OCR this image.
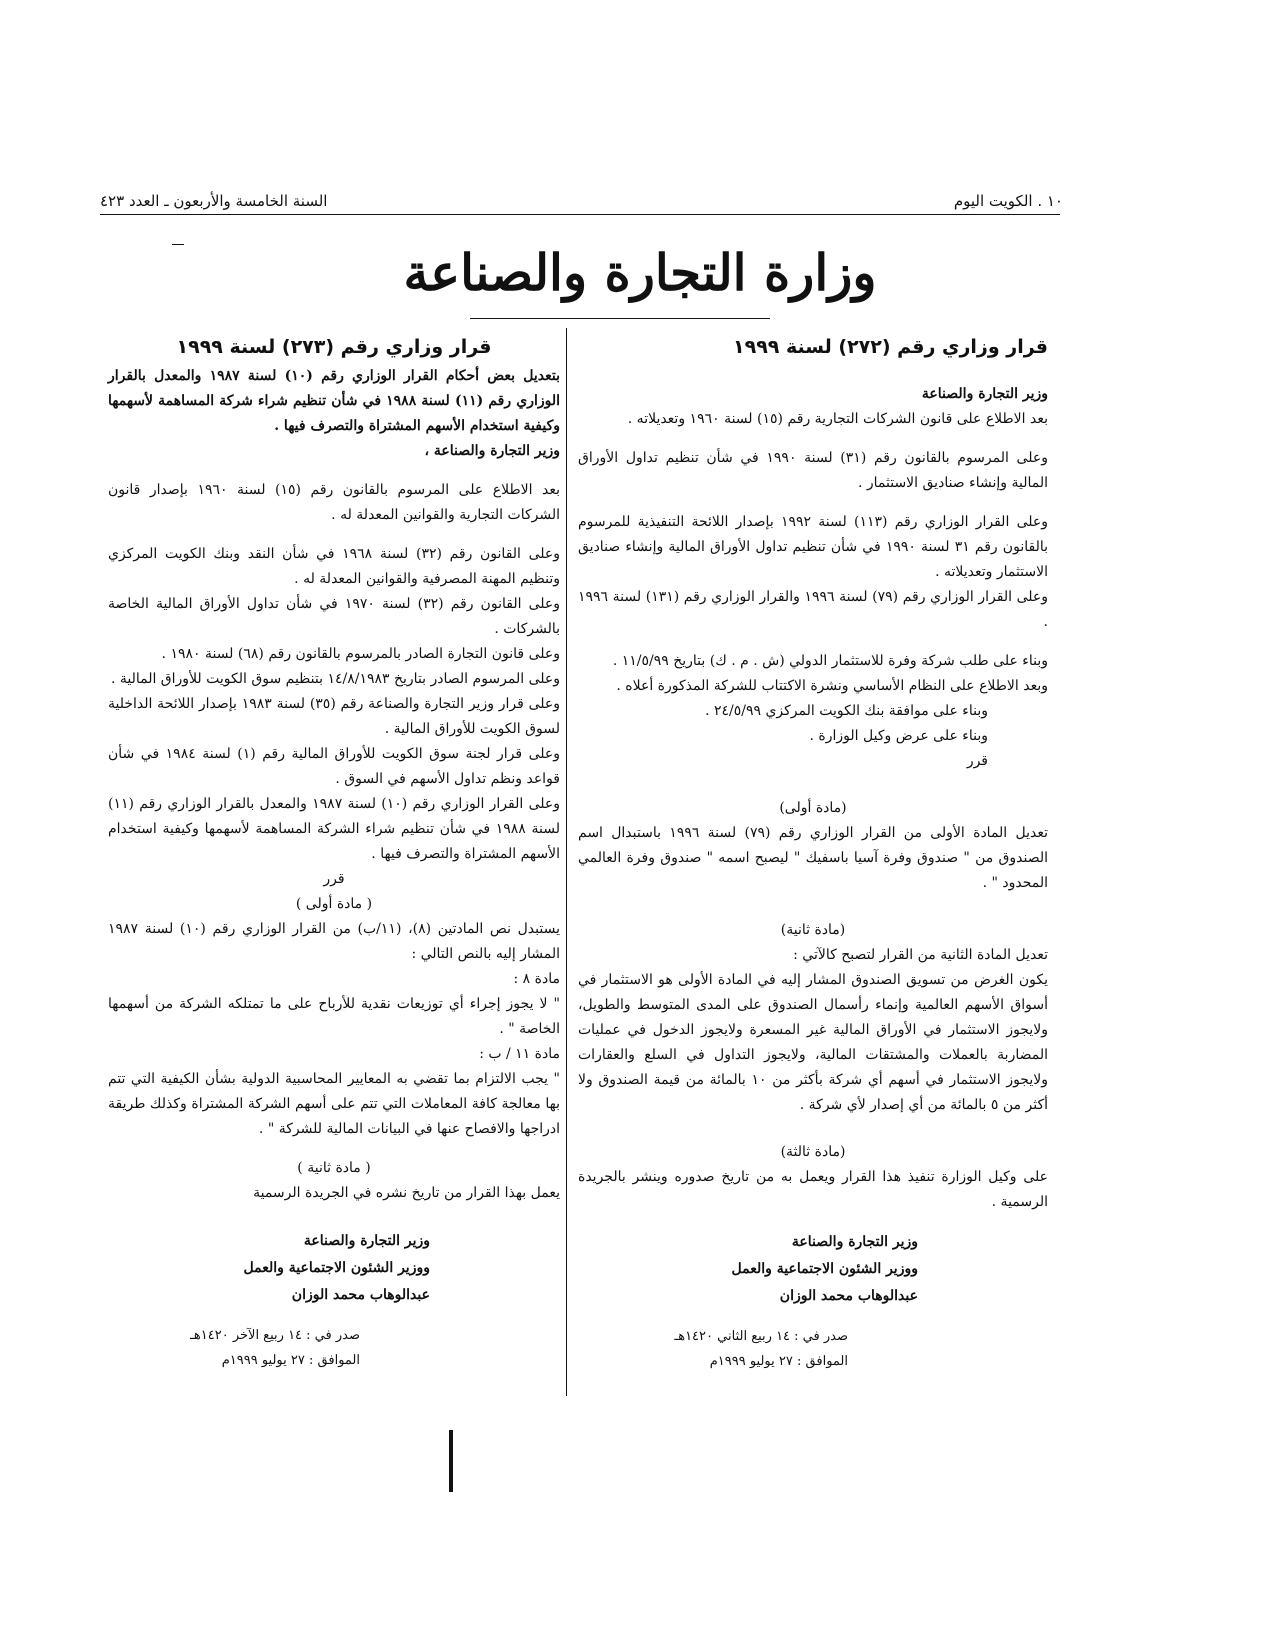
١٠ . الكويت اليوم
السنة الخامسة والأربعون ـ العدد ٤٢٣
وزارة التجارة والصناعة

قرار وزاري رقم (٢٧٢) لسنة ١٩٩٩

وزير التجارة والصناعة

بعد الاطلاع على قانون الشركات التجارية رقم (١٥) لسنة ١٩٦٠ وتعديلاته .

وعلى المرسوم بالقانون رقم (٣١) لسنة ١٩٩٠ في شأن تنظيم تداول الأوراق المالية وإنشاء صناديق الاستثمار .

وعلى القرار الوزاري رقم (١١٣) لسنة ١٩٩٢ بإصدار اللائحة التنفيذية للمرسوم بالقانون رقم ٣١ لسنة ١٩٩٠ في شأن تنظيم تداول الأوراق المالية وإنشاء صناديق الاستثمار وتعديلاته .

وعلى القرار الوزاري رقم (٧٩) لسنة ١٩٩٦ والقرار الوزاري رقم (١٣١) لسنة ١٩٩٦ .

وبناء على طلب شركة وفرة للاستثمار الدولي (ش . م . ك) بتاريخ ١١/٥/٩٩ .

وبعد الاطلاع على النظام الأساسي ونشرة الاكتتاب للشركة المذكورة أعلاه .

وبناء على موافقة بنك الكويت المركزي ٢٤/٥/٩٩ .

وبناء على عرض وكيل الوزارة .

قرر

(مادة أولى)

تعديل المادة الأولى من القرار الوزاري رقم (٧٩) لسنة ١٩٩٦ باستبدال اسم الصندوق من " صندوق وفرة آسيا باسفيك " ليصبح اسمه " صندوق وفرة العالمي المحدود " .

(مادة ثانية)

تعديل المادة الثانية من القرار لتصبح كالآتي :

يكون الغرض من تسويق الصندوق المشار إليه في المادة الأولى هو الاستثمار في أسواق الأسهم العالمية وإنماء رأسمال الصندوق على المدى المتوسط والطويل، ولايجوز الاستثمار في الأوراق المالية غير المسعرة ولايجوز الدخول في عمليات المضاربة بالعملات والمشتقات المالية، ولايجوز التداول في السلع والعقارات ولايجوز الاستثمار في أسهم أي شركة بأكثر من ١٠ بالمائة من قيمة الصندوق ولا أكثر من ٥ بالمائة من أي إصدار لأي شركة .

(مادة ثالثة)

على وكيل الوزارة تنفيذ هذا القرار ويعمل به من تاريخ صدوره وينشر بالجريدة الرسمية .

وزير التجارة والصناعة

ووزير الشئون الاجتماعية والعمل

عبدالوهاب محمد الوزان

صدر في : ١٤ ربيع الثاني ١٤٢٠هـ

الموافق : ٢٧ يوليو ١٩٩٩م

قرار وزاري رقم (٢٧٣) لسنة ١٩٩٩

بتعديل بعض أحكام القرار الوزاري رقم (١٠) لسنة ١٩٨٧ والمعدل بالقرار الوزاري رقم (١١) لسنة ١٩٨٨ في شأن تنظيم شراء شركة المساهمة لأسهمها وكيفية استخدام الأسهم المشتراة والتصرف فيها .

وزير التجارة والصناعة ،

بعد الاطلاع على المرسوم بالقانون رقم (١٥) لسنة ١٩٦٠ بإصدار قانون الشركات التجارية والقوانين المعدلة له .

وعلى القانون رقم (٣٢) لسنة ١٩٦٨ في شأن النقد وبنك الكويت المركزي وتنظيم المهنة المصرفية والقوانين المعدلة له .

وعلى القانون رقم (٣٢) لسنة ١٩٧٠ في شأن تداول الأوراق المالية الخاصة بالشركات .

وعلى قانون التجارة الصادر بالمرسوم بالقانون رقم (٦٨) لسنة ١٩٨٠ .

وعلى المرسوم الصادر بتاريخ ١٤/٨/١٩٨٣ بتنظيم سوق الكويت للأوراق المالية .

وعلى قرار وزير التجارة والصناعة رقم (٣٥) لسنة ١٩٨٣ بإصدار اللائحة الداخلية لسوق الكويت للأوراق المالية .

وعلى قرار لجنة سوق الكويت للأوراق المالية رقم (١) لسنة ١٩٨٤ في شأن قواعد ونظم تداول الأسهم في السوق .

وعلى القرار الوزاري رقم (١٠) لسنة ١٩٨٧ والمعدل بالقرار الوزاري رقم (١١) لسنة ١٩٨٨ في شأن تنظيم شراء الشركة المساهمة لأسهمها وكيفية استخدام الأسهم المشتراة والتصرف فيها .

قرر

( مادة أولى )

يستبدل نص المادتين (٨)، (١١/ب) من القرار الوزاري رقم (١٠) لسنة ١٩٨٧ المشار إليه بالنص التالي :

مادة ٨ :

" لا يجوز إجراء أي توزيعات نقدية للأرباح على ما تمتلكه الشركة من أسهمها الخاصة " .

مادة ١١ / ب :

" يجب الالتزام بما تقضي به المعايير المحاسبية الدولية بشأن الكيفية التي تتم بها معالجة كافة المعاملات التي تتم على أسهم الشركة المشتراة وكذلك طريقة ادراجها والافصاح عنها في البيانات المالية للشركة " .

( مادة ثانية )

يعمل بهذا القرار من تاريخ نشره في الجريدة الرسمية

وزير التجارة والصناعة

ووزير الشئون الاجتماعية والعمل

عبدالوهاب محمد الوزان

صدر في : ١٤ ربيع الآخر ١٤٢٠هـ

الموافق : ٢٧ يوليو ١٩٩٩م
